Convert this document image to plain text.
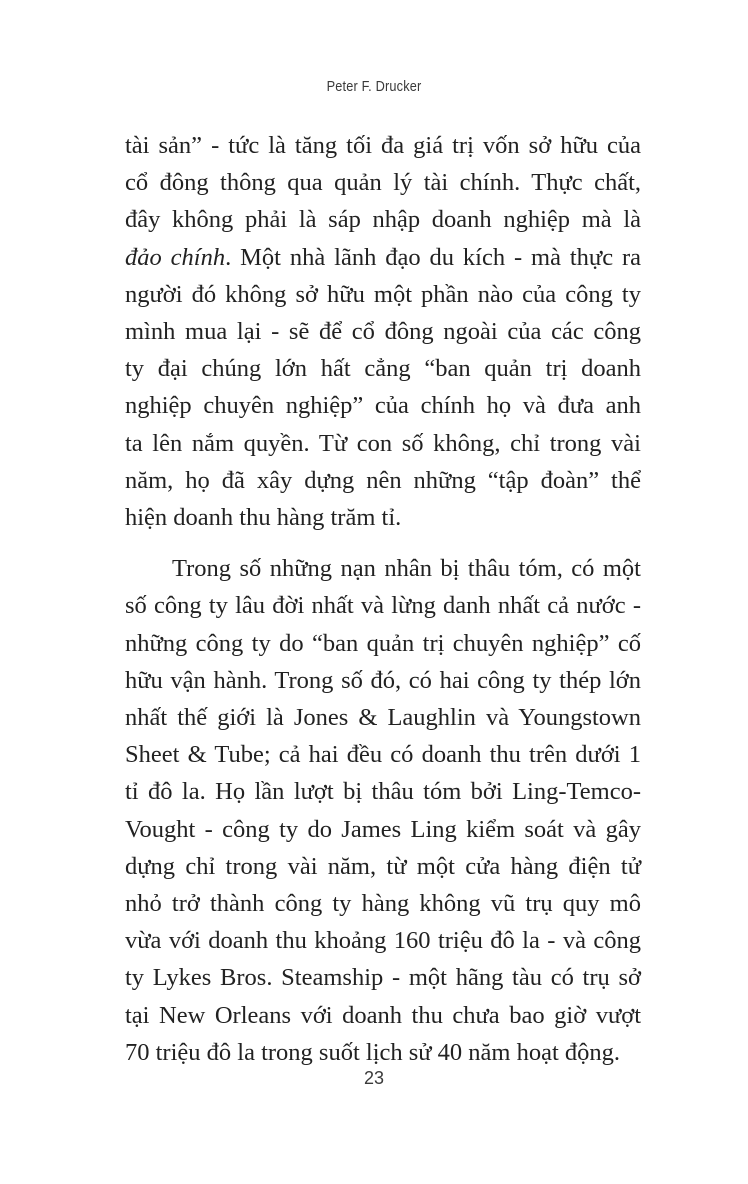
Peter F. Drucker
tài sản” - tức là tăng tối đa giá trị vốn sở hữu của
cổ đông thông qua quản lý tài chính. Thực chất,
đây không phải là sáp nhập doanh nghiệp mà là
đảo chính. Một nhà lãnh đạo du kích - mà thực ra
người đó không sở hữu một phần nào của công ty
mình mua lại - sẽ để cổ đông ngoài của các công
ty đại chúng lớn hất cẳng “ban quản trị doanh
nghiệp chuyên nghiệp” của chính họ và đưa anh
ta lên nắm quyền. Từ con số không, chỉ trong vài
năm, họ đã xây dựng nên những “tập đoàn” thể
hiện doanh thu hàng trăm tỉ.
Trong số những nạn nhân bị thâu tóm, có một
số công ty lâu đời nhất và lừng danh nhất cả nước -
những công ty do “ban quản trị chuyên nghiệp” cố
hữu vận hành. Trong số đó, có hai công ty thép lớn
nhất thế giới là Jones & Laughlin và Youngstown
Sheet & Tube; cả hai đều có doanh thu trên dưới 1
tỉ đô la. Họ lần lượt bị thâu tóm bởi Ling-Temco-
Vought - công ty do James Ling kiểm soát và gây
dựng chỉ trong vài năm, từ một cửa hàng điện tử
nhỏ trở thành công ty hàng không vũ trụ quy mô
vừa với doanh thu khoảng 160 triệu đô la - và công
ty Lykes Bros. Steamship - một hãng tàu có trụ sở
tại New Orleans với doanh thu chưa bao giờ vượt
70 triệu đô la trong suốt lịch sử 40 năm hoạt động.
23
